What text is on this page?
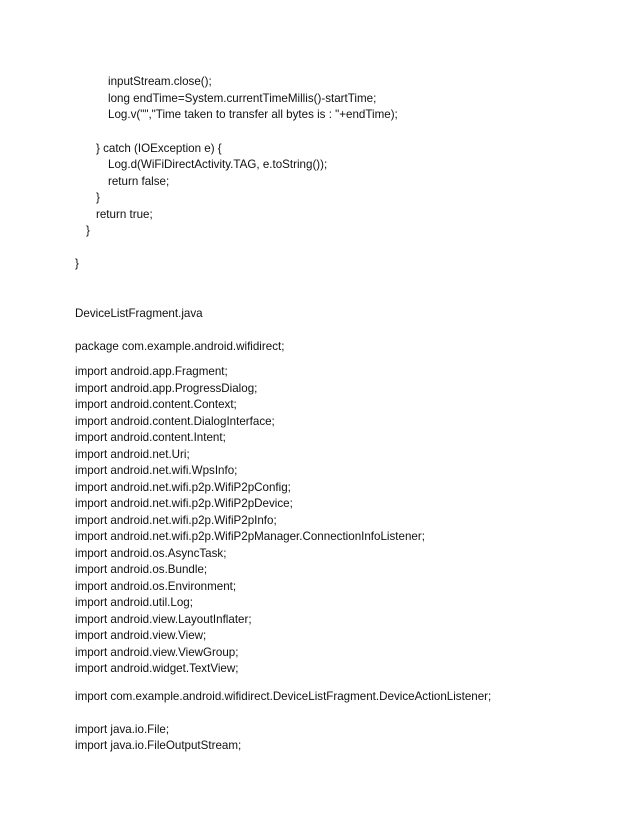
inputStream.close();
long endTime=System.currentTimeMillis()-startTime;
Log.v("","Time taken to transfer all bytes is : "+endTime);
} catch (IOException e) {
Log.d(WiFiDirectActivity.TAG, e.toString());
return false;
}
return true;
}
}
DeviceListFragment.java
package com.example.android.wifidirect;
import android.app.Fragment;
import android.app.ProgressDialog;
import android.content.Context;
import android.content.DialogInterface;
import android.content.Intent;
import android.net.Uri;
import android.net.wifi.WpsInfo;
import android.net.wifi.p2p.WifiP2pConfig;
import android.net.wifi.p2p.WifiP2pDevice;
import android.net.wifi.p2p.WifiP2pInfo;
import android.net.wifi.p2p.WifiP2pManager.ConnectionInfoListener;
import android.os.AsyncTask;
import android.os.Bundle;
import android.os.Environment;
import android.util.Log;
import android.view.LayoutInflater;
import android.view.View;
import android.view.ViewGroup;
import android.widget.TextView;
import com.example.android.wifidirect.DeviceListFragment.DeviceActionListener;
import java.io.File;
import java.io.FileOutputStream;
